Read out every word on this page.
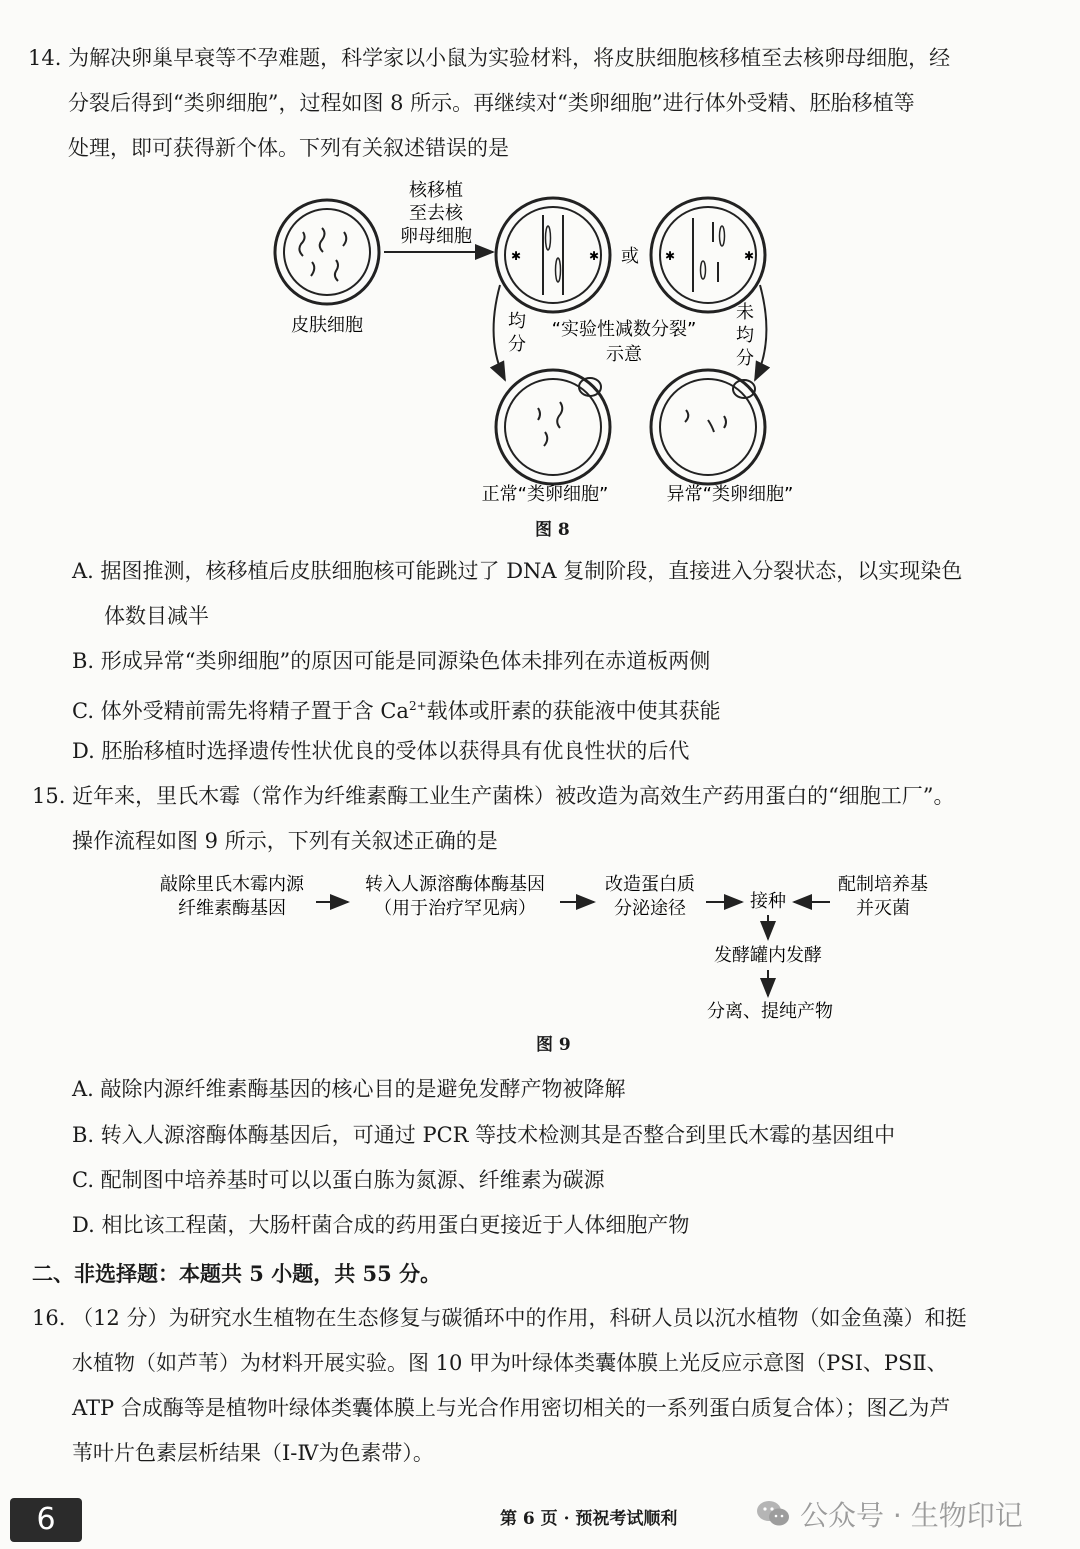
14. 为解决卵巢早衰等不孕难题，科学家以小鼠为实验材料，将皮肤细胞核移植至去核卵母细胞，经
分裂后得到“类卵细胞”，过程如图 8 所示。再继续对“类卵细胞”进行体外受精、胚胎移植等
处理，即可获得新个体。下列有关叙述错误的是
皮肤细胞
核移植
至去核
卵母细胞
✱	✱ 或 ✱	✱
均
分
未
均
分
“实验性减数分裂”
示意
正常“类卵细胞”	异常“类卵细胞”
图 8
A. 据图推测，核移植后皮肤细胞核可能跳过了 DNA 复制阶段，直接进入分裂状态，以实现染色
体数目减半
B. 形成异常“类卵细胞”的原因可能是同源染色体未排列在赤道板两侧
C. 体外受精前需先将精子置于含 $Ca^{2+}$载体或肝素的获能液中使其获能
D. 胚胎移植时选择遗传性状优良的受体以获得具有优良性状的后代
15. 近年来，里氏木霉（常作为纤维素酶工业生产菌株）被改造为高效生产药用蛋白的“细胞工厂”。
操作流程如图 9 所示，下列有关叙述正确的是
敲除里氏木霉内源
纤维素酶基因
转入人源溶酶体酶基因
（用于治疗罕见病）
改造蛋白质
分泌途径	接种
配制培养基
并灭菌
发酵罐内发酵
分离、提纯产物
图 9
A. 敲除内源纤维素酶基因的核心目的是避免发酵产物被降解
B. 转入人源溶酶体酶基因后，可通过 PCR 等技术检测其是否整合到里氏木霉的基因组中
C. 配制图中培养基时可以以蛋白胨为氮源、纤维素为碳源
D. 相比该工程菌，大肠杆菌合成的药用蛋白更接近于人体细胞产物
二、非选择题：本题共 5 小题，共 55 分。
16. （12 分）为研究水生植物在生态修复与碳循环中的作用，科研人员以沉水植物（如金鱼藻）和挺
水植物（如芦苇）为材料开展实验。图 10 甲为叶绿体类囊体膜上光反应示意图（PSⅠ、PSⅡ、
ATP 合成酶等是植物叶绿体类囊体膜上与光合作用密切相关的一系列蛋白质复合体）；图乙为芦
苇叶片色素层析结果（Ⅰ-Ⅳ为色素带）。
6	第 6 页 · 预祝考试顺利	公众号 · 生物印记
